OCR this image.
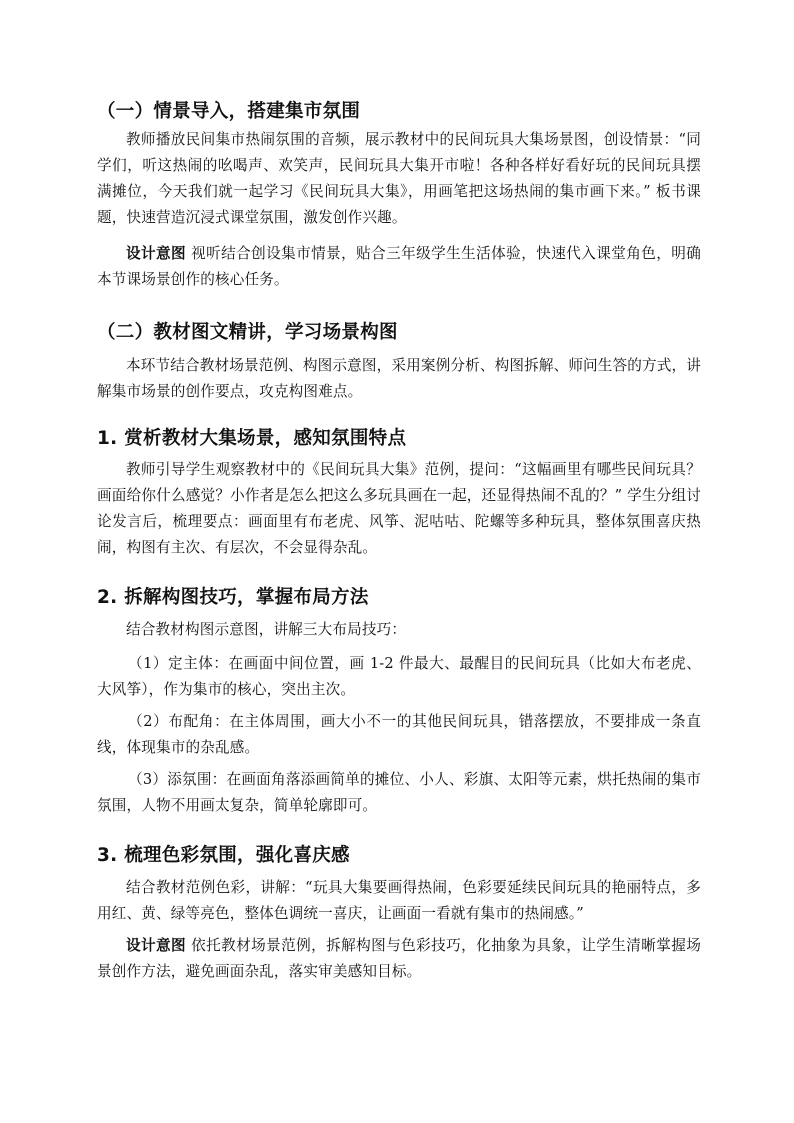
（一）情景导入，搭建集市氛围
教师播放民间集市热闹氛围的音频，展示教材中的民间玩具大集场景图，创设情景：“同学们，听这热闹的吆喝声、欢笑声，民间玩具大集开市啦！各种各样好看好玩的民间玩具摆满摊位，今天我们就一起学习《民间玩具大集》，用画笔把这场热闹的集市画下来。” 板书课题，快速营造沉浸式课堂氛围，激发创作兴趣。
设计意图 视听结合创设集市情景，贴合三年级学生生活体验，快速代入课堂角色，明确本节课场景创作的核心任务。
（二）教材图文精讲，学习场景构图
本环节结合教材场景范例、构图示意图，采用案例分析、构图拆解、师问生答的方式，讲解集市场景的创作要点，攻克构图难点。
1. 赏析教材大集场景，感知氛围特点
教师引导学生观察教材中的《民间玩具大集》范例，提问：“这幅画里有哪些民间玩具？画面给你什么感觉？小作者是怎么把这么多玩具画在一起，还显得热闹不乱的？” 学生分组讨论发言后，梳理要点：画面里有布老虎、风筝、泥咕咕、陀螺等多种玩具，整体氛围喜庆热闹，构图有主次、有层次，不会显得杂乱。
2. 拆解构图技巧，掌握布局方法
结合教材构图示意图，讲解三大布局技巧：
（1）定主体：在画面中间位置，画 1-2 件最大、最醒目的民间玩具（比如大布老虎、大风筝），作为集市的核心，突出主次。
（2）布配角：在主体周围，画大小不一的其他民间玩具，错落摆放，不要排成一条直线，体现集市的杂乱感。
（3）添氛围：在画面角落添画简单的摊位、小人、彩旗、太阳等元素，烘托热闹的集市氛围，人物不用画太复杂，简单轮廓即可。
3. 梳理色彩氛围，强化喜庆感
结合教材范例色彩，讲解：“玩具大集要画得热闹，色彩要延续民间玩具的艳丽特点，多用红、黄、绿等亮色，整体色调统一喜庆，让画面一看就有集市的热闹感。”
设计意图 依托教材场景范例，拆解构图与色彩技巧，化抽象为具象，让学生清晰掌握场景创作方法，避免画面杂乱，落实审美感知目标。
